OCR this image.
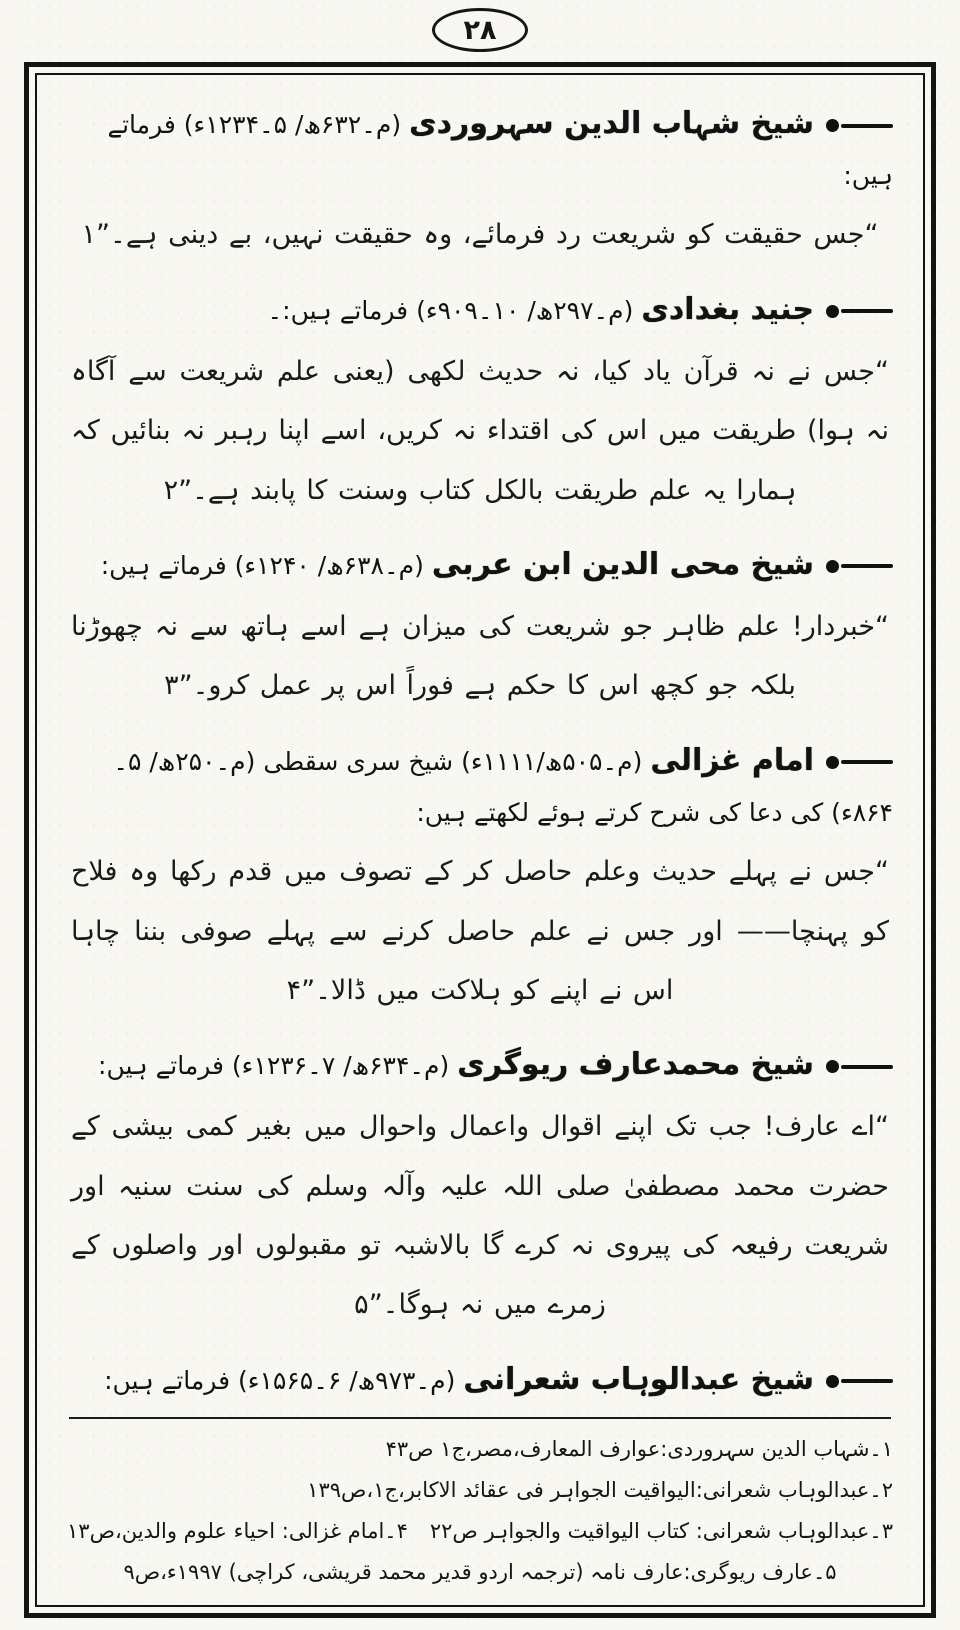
۲۸

شیخ شہاب الدین سہروردی(م۔۶۳۲ھ/ ۵۔۱۲۳۴ء) فرماتے ہیں:

“جس حقیقت کو شریعت رد فرمائے، وہ حقیقت نہیں، بے دینی ہے۔”۱

جنید بغدادی(م۔۲۹۷ھ/ ۱۰۔۹۰۹ء) فرماتے ہیں:۔

“جس نے نہ قرآن یاد کیا، نہ حدیث لکھی (یعنی علم شریعت سے آگاہ نہ ہوا) طریقت میں اس کی اقتداء نہ کریں، اسے اپنا رہبر نہ بنائیں کہ ہمارا یہ علم طریقت بالکل کتاب وسنت کا پابند ہے۔”۲

شیخ محی الدین ابن عربی(م۔۶۳۸ھ/ ۱۲۴۰ء) فرماتے ہیں:

“خبردار! علم ظاہر جو شریعت کی میزان ہے اسے ہاتھ سے نہ چھوڑنا بلکہ جو کچھ اس کا حکم ہے فوراً اس پر عمل کرو۔”۳

امام غزالی(م۔۵۰۵ھ/۱۱۱۱ء) شیخ سری سقطی (م۔۲۵۰ھ/ ۵۔۸۶۴ء) کی دعا کی شرح کرتے ہوئے لکھتے ہیں:

“جس نے پہلے حدیث وعلم حاصل کر کے تصوف میں قدم رکھا وہ فلاح کو پہنچا—— اور جس نے علم حاصل کرنے سے پہلے صوفی بننا چاہا اس نے اپنے کو ہلاکت میں ڈالا۔”۴

شیخ محمدعارف ریوگری(م۔۶۳۴ھ/ ۷۔۱۲۳۶ء) فرماتے ہیں:

“اے عارف! جب تک اپنے اقوال واعمال واحوال میں بغیر کمی بیشی کے حضرت محمد مصطفیٰ صلی اللہ علیہ وآلہ وسلم کی سنت سنیہ اور شریعت رفیعہ کی پیروی نہ کرے گا بالاشبہ تو مقبولوں اور واصلوں کے زمرے میں نہ ہوگا۔”۵

شیخ عبدالوہاب شعرانی(م۔۹۷۳ھ/ ۶۔۱۵۶۵ء) فرماتے ہیں:

۱۔شہاب الدین سہروردی:عوارف المعارف،مصر،ج۱ ص۴۳

۲۔عبدالوہاب شعرانی:الیواقیت الجواہر فی عقائد الاکابر،ج۱،ص۱۳۹

۳۔عبدالوہاب شعرانی: کتاب الیواقیت والجواہر ص۲۲
۴۔امام غزالی: احیاء علوم والدین،ص۱۳

۵۔عارف ریوگری:عارف نامہ (ترجمہ اردو قدیر محمد قریشی، کراچی) ۱۹۹۷ء،ص۹
